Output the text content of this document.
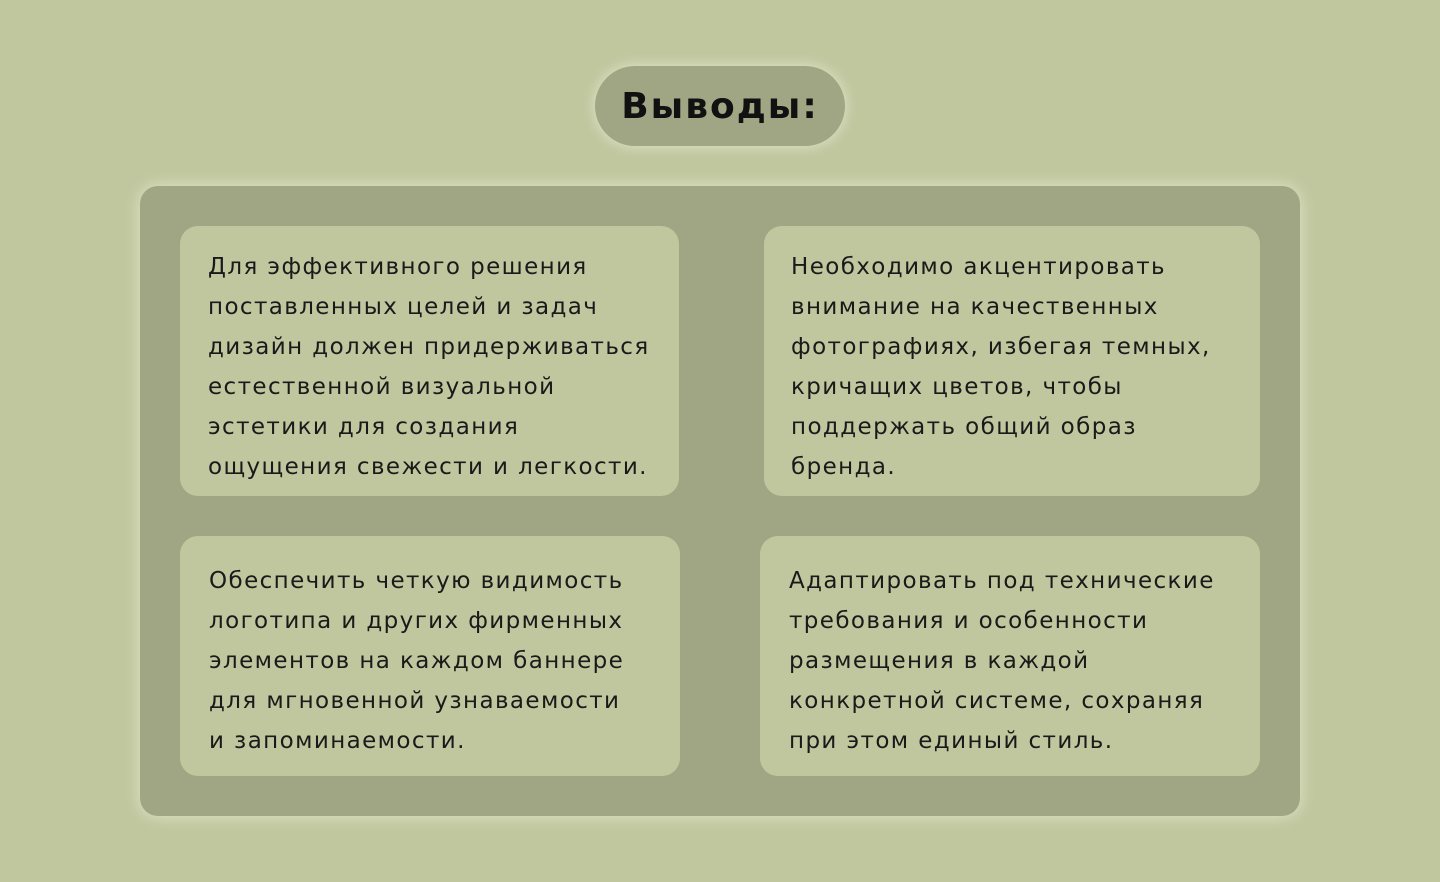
Выводы:
Для эффективного решения
поставленных целей и задач
дизайн должен придерживаться
естественной визуальной
эстетики для создания
ощущения свежести и легкости.
Необходимо акцентировать
внимание на качественных
фотографиях, избегая темных,
кричащих цветов, чтобы
поддержать общий образ
бренда.
Обеспечить четкую видимость
логотипа и других фирменных
элементов на каждом баннере
для мгновенной узнаваемости
и запоминаемости.
Адаптировать под технические
требования и особенности
размещения в каждой
конкретной системе, сохраняя
при этом единый стиль.
